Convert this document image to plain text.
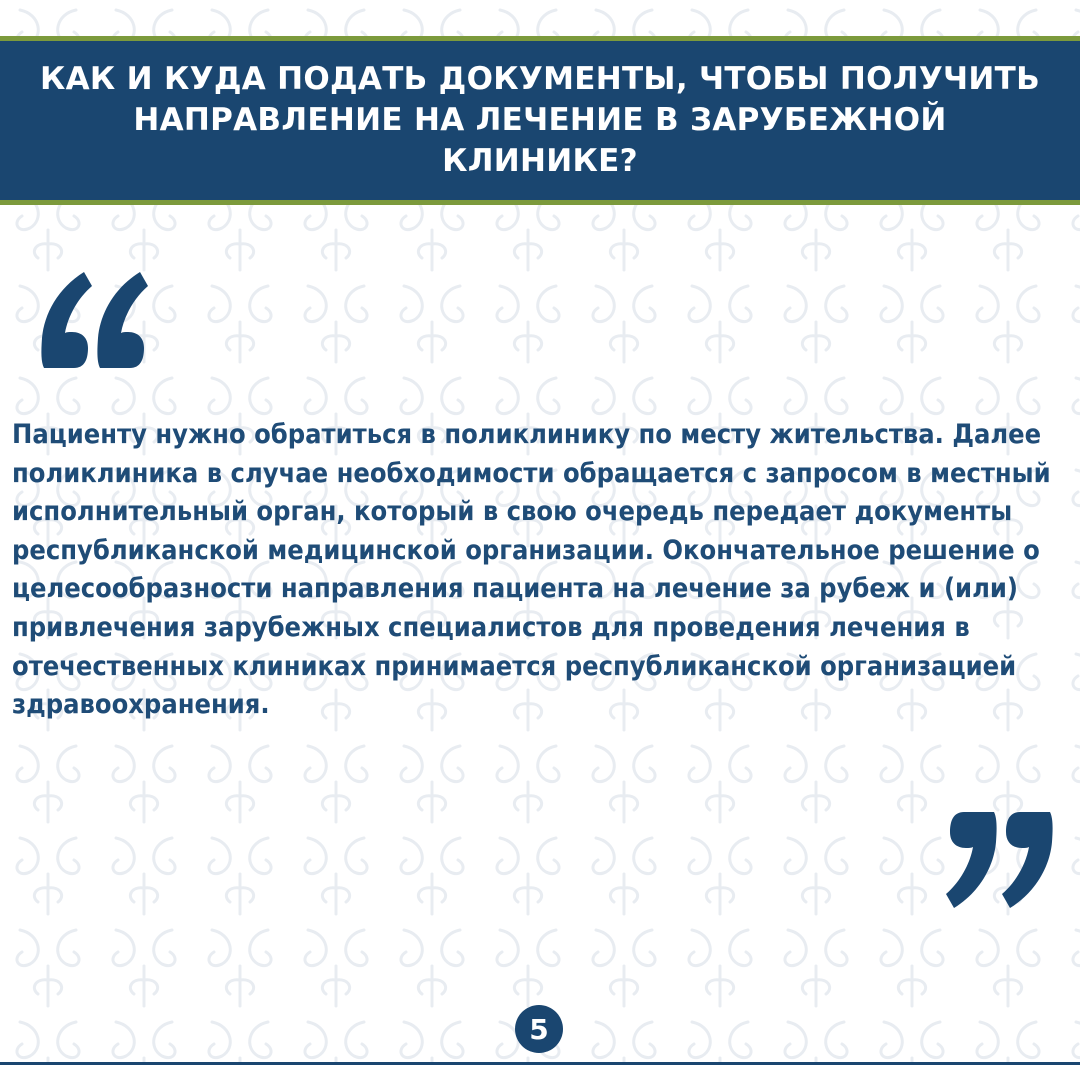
КАК И КУДА ПОДАТЬ ДОКУМЕНТЫ, ЧТОБЫ ПОЛУЧИТЬ НАПРАВЛЕНИЕ НА ЛЕЧЕНИЕ В ЗАРУБЕЖНОЙ КЛИНИКЕ?

Пациенту нужно обратиться в поликлинику по месту жительства. Далее поликлиника в случае необходимости обращается с запросом в местный исполнительный орган, который в свою очередь передает документы республиканской медицинской организации. Окончательное решение о целесообразности направления пациента на лечение за рубеж и (или) привлечения зарубежных специалистов для проведения лечения в отечественных клиниках принимается республиканской организацией здравоохранения.

5
